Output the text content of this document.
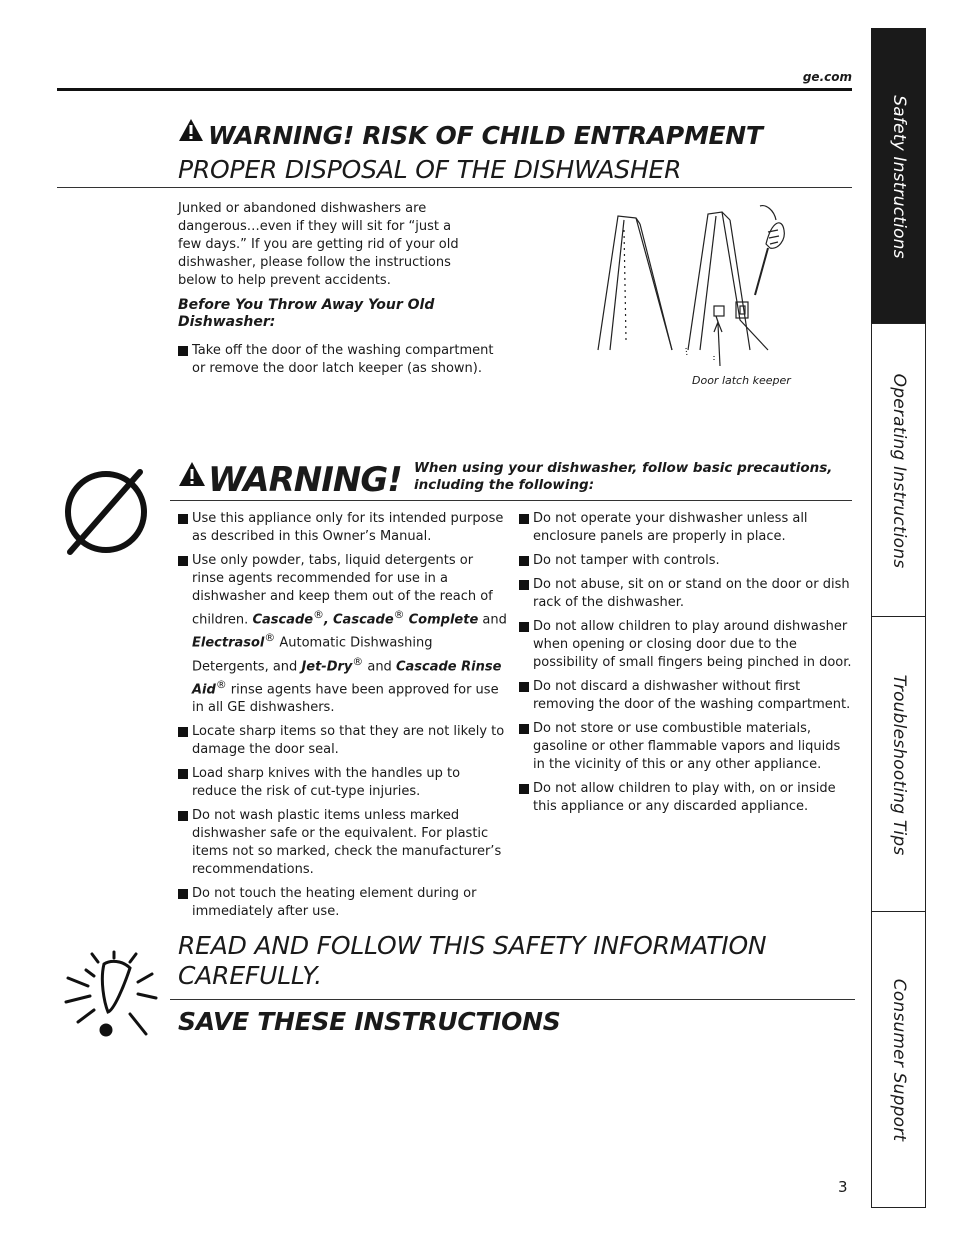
ge.com
WARNING! RISK OF CHILD ENTRAPMENT
PROPER DISPOSAL OF THE DISHWASHER
Junked or abandoned dishwashers are dangerous…even if they will sit for “just a few days.” If you are getting rid of your old dishwasher, please follow the instructions below to help prevent accidents.
Before You Throw Away Your Old Dishwasher:

Take off the door of the washing compartment or remove the door latch keeper (as shown).

Door latch keeper
WARNING! When using your dishwasher, follow basic precautions, including the following:

Use this appliance only for its intended purpose as described in this Owner’s Manual.

Use only powder, tabs, liquid detergents or rinse agents recommended for use in a dishwasher and keep them out of the reach of children. Cascade®, Cascade® Complete and Electrasol® Automatic Dishwashing Detergents, and Jet-Dry® and Cascade Rinse Aid® rinse agents have been approved for use in all GE dishwashers.

Locate sharp items so that they are not likely to damage the door seal.

Load sharp knives with the handles up to reduce the risk of cut-type injuries.

Do not wash plastic items unless marked dishwasher safe or the equivalent. For plastic items not so marked, check the manufacturer’s recommendations.

Do not touch the heating element during or immediately after use.

Do not operate your dishwasher unless all enclosure panels are properly in place.

Do not tamper with controls.

Do not abuse, sit on or stand on the door or dish rack of the dishwasher.

Do not allow children to play around dishwasher when opening or closing door due to the possibility of small fingers being pinched in door.

Do not discard a dishwasher without first removing the door of the washing compartment.

Do not store or use combustible materials, gasoline or other flammable vapors and liquids in the vicinity of this or any other appliance.

Do not allow children to play with, on or inside this appliance or any discarded appliance.

READ AND FOLLOW THIS SAFETY INFORMATION CAREFULLY.
SAVE THESE INSTRUCTIONS
3
Safety Instructions
Operating Instructions
Troubleshooting Tips
Consumer Support
